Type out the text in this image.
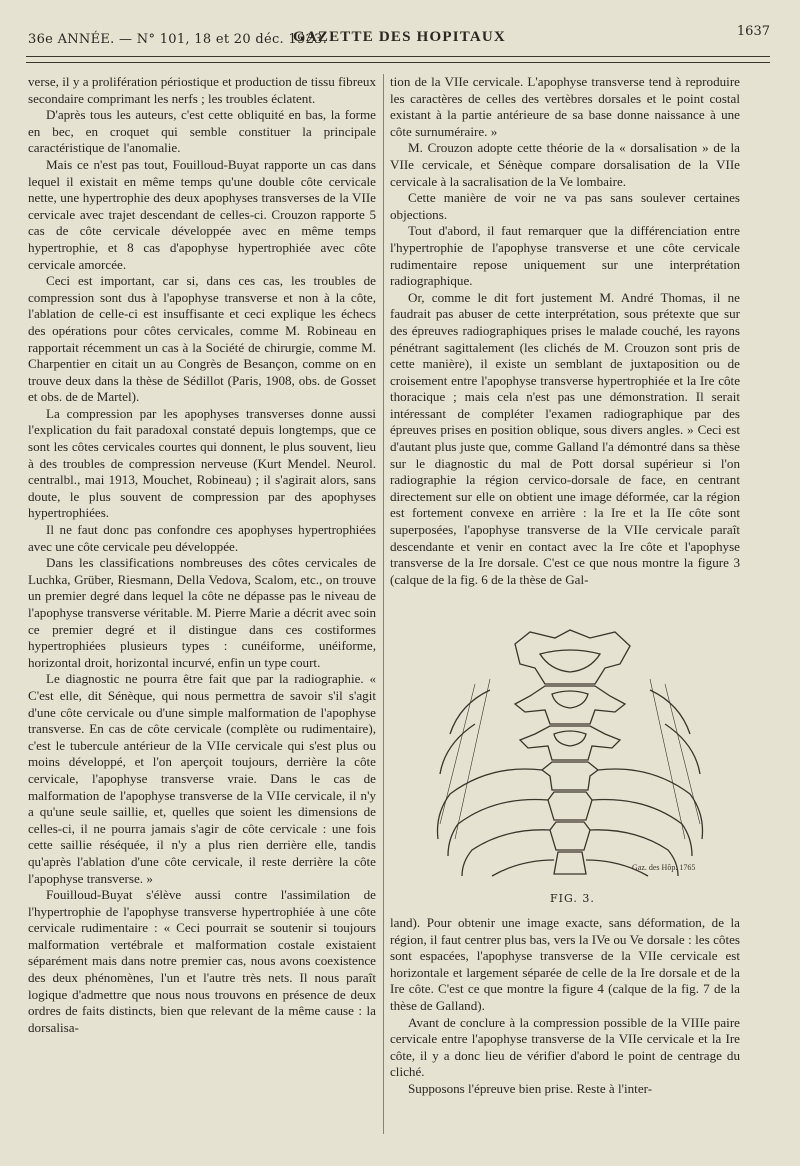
36e ANNÉE. — N° 101, 18 et 20 déc. 1923.
GAZETTE DES HOPITAUX	1637

verse, il y a prolifération périostique et production de tissu fibreux secondaire comprimant les nerfs ; les troubles éclatent.

D'après tous les auteurs, c'est cette obliquité en bas, la forme en bec, en croquet qui semble constituer la principale caractéristique de l'anomalie.

Mais ce n'est pas tout, Fouilloud-Buyat rapporte un cas dans lequel il existait en même temps qu'une double côte cervicale nette, une hypertrophie des deux apophyses transverses de la VIIe cervicale avec trajet descendant de celles-ci. Crouzon rapporte 5 cas de côte cervicale développée avec en même temps hypertrophie, et 8 cas d'apophyse hypertrophiée avec côte cervicale amorcée.

Ceci est important, car si, dans ces cas, les troubles de compression sont dus à l'apophyse transverse et non à la côte, l'ablation de celle-ci est insuffisante et ceci explique les échecs des opérations pour côtes cervicales, comme M. Robineau en rapportait récemment un cas à la Société de chirurgie, comme M. Charpentier en citait un au Congrès de Besançon, comme on en trouve deux dans la thèse de Sédillot (Paris, 1908, obs. de Gosset et obs. de de Martel).

La compression par les apophyses transverses donne aussi l'explication du fait paradoxal constaté depuis longtemps, que ce sont les côtes cervicales courtes qui donnent, le plus souvent, lieu à des troubles de compression nerveuse (Kurt Mendel. Neurol. centralbl., mai 1913, Mouchet, Robineau) ; il s'agirait alors, sans doute, le plus souvent de compression par des apophyses hypertrophiées.

Il ne faut donc pas confondre ces apophyses hypertrophiées avec une côte cervicale peu développée.

Dans les classifications nombreuses des côtes cervicales de Luchka, Grüber, Riesmann, Della Vedova, Scalom, etc., on trouve un premier degré dans lequel la côte ne dépasse pas le niveau de l'apophyse transverse véritable. M. Pierre Marie a décrit avec soin ce premier degré et il distingue dans ces costiformes hypertrophiées plusieurs types : cunéiforme, unéiforme, horizontal droit, horizontal incurvé, enfin un type court.

Le diagnostic ne pourra être fait que par la radiographie. « C'est elle, dit Sénèque, qui nous permettra de savoir s'il s'agit d'une côte cervicale ou d'une simple malformation de l'apophyse transverse. En cas de côte cervicale (complète ou rudimentaire), c'est le tubercule antérieur de la VIIe cervicale qui s'est plus ou moins développé, et l'on aperçoit toujours, derrière la côte cervicale, l'apophyse transverse vraie. Dans le cas de malformation de l'apophyse transverse de la VIIe cervicale, il n'y a qu'une seule saillie, et, quelles que soient les dimensions de celles-ci, il ne pourra jamais s'agir de côte cervicale : une fois cette saillie réséquée, il n'y a plus rien derrière elle, tandis qu'après l'ablation d'une côte cervicale, il reste derrière la côte l'apophyse transverse. »

Fouilloud-Buyat s'élève aussi contre l'assimilation de l'hypertrophie de l'apophyse transverse hypertrophiée à une côte cervicale rudimentaire : « Ceci pourrait se soutenir si toujours malformation vertébrale et malformation costale existaient séparément mais dans notre premier cas, nous avons coexistence des deux phénomènes, l'un et l'autre très nets. Il nous paraît logique d'admettre que nous nous trouvons en présence de deux ordres de faits distincts, bien que relevant de la même cause : la dorsalisa-

tion de la VIIe cervicale. L'apophyse transverse tend à reproduire les caractères de celles des vertèbres dorsales et le point costal existant à la partie antérieure de sa base donne naissance à une côte surnuméraire. »

M. Crouzon adopte cette théorie de la « dorsalisation » de la VIIe cervicale, et Sénèque compare dorsalisation de la VIIe cervicale à la sacralisation de la Ve lombaire.

Cette manière de voir ne va pas sans soulever certaines objections.

Tout d'abord, il faut remarquer que la différenciation entre l'hypertrophie de l'apophyse transverse et une côte cervicale rudimentaire repose uniquement sur une interprétation radiographique.

Or, comme le dit fort justement M. André Thomas, il ne faudrait pas abuser de cette interprétation, sous prétexte que sur des épreuves radiographiques prises le malade couché, les rayons pénétrant sagittalement (les clichés de M. Crouzon sont pris de cette manière), il existe un semblant de juxtaposition ou de croisement entre l'apophyse transverse hypertrophiée et la Ire côte thoracique ; mais cela n'est pas une démonstration. Il serait intéressant de compléter l'examen radiographique par des épreuves prises en position oblique, sous divers angles. » Ceci est d'autant plus juste que, comme Galland l'a démontré dans sa thèse sur le diagnostic du mal de Pott dorsal supérieur si l'on radiographie la région cervico-dorsale de face, en centrant directement sur elle on obtient une image déformée, car la région est fortement convexe en arrière : la Ire et la IIe côte sont superposées, l'apophyse transverse de la VIIe cervicale paraît descendante et venir en contact avec la Ire côte et l'apophyse transverse de la Ire dorsale. C'est ce que nous montre la figure 3 (calque de la fig. 6 de la thèse de Gal-

Gaz. des Hôp. 1765
FIG. 3.

land). Pour obtenir une image exacte, sans déformation, de la région, il faut centrer plus bas, vers la IVe ou Ve dorsale : les côtes sont espacées, l'apophyse transverse de la VIIe cervicale est horizontale et largement séparée de celle de la Ire dorsale et de la Ire côte. C'est ce que montre la figure 4 (calque de la fig. 7 de la thèse de Galland).

Avant de conclure à la compression possible de la VIIIe paire cervicale entre l'apophyse transverse de la VIIe cervicale et la Ire côte, il y a donc lieu de vérifier d'abord le point de centrage du cliché.

Supposons l'épreuve bien prise. Reste à l'inter-
